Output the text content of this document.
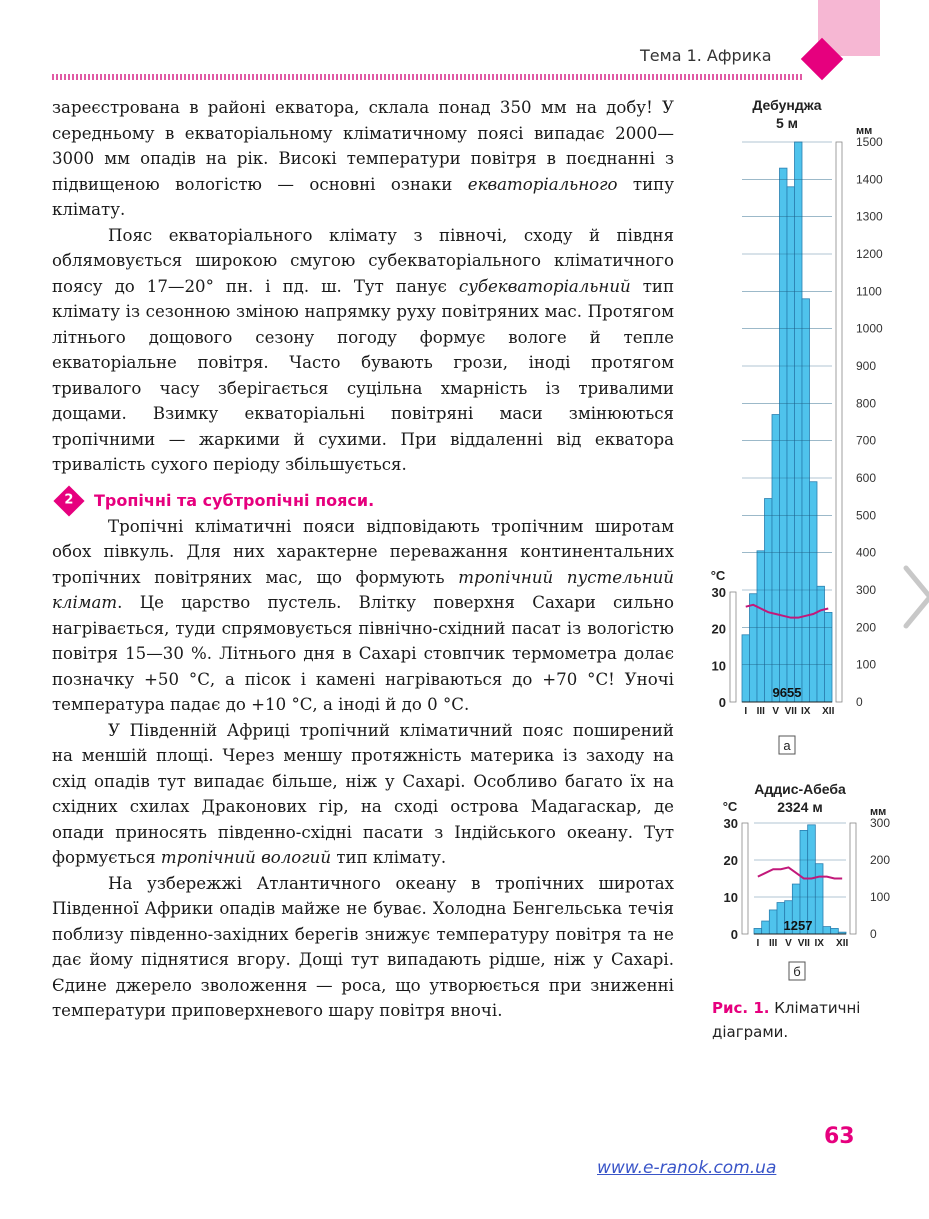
Тема 1. Африка

зареєстрована в районі екватора, склала понад 350 мм на добу! У середньому в екваторіальному кліматичному поясі випадає 2000—3000 мм опадів на рік. Високі температури повітря в поєднанні з підвищеною вологістю — основні ознаки екваторіального типу клімату.

Пояс екваторіального клімату з півночі, сходу й півдня облямовується широкою смугою субекваторіального кліматичного поясу до 17—20° пн. і пд. ш. Тут панує субекваторіальний тип клімату із сезонною зміною напрямку руху повітряних мас. Протягом літнього дощового сезону погоду формує вологе й тепле екваторіальне повітря. Часто бувають грози, іноді протягом тривалого часу зберігається суцільна хмарність із тривалими дощами. Взимку екваторіальні повітряні маси змінюються тропічними — жаркими й сухими. При віддаленні від екватора тривалість сухого періоду збільшується.

2 Тропічні та субтропічні пояси.

Тропічні кліматичні пояси відповідають тропічним широтам обох півкуль. Для них характерне переважання континентальних тропічних повітряних мас, що формують тропічний пустельний клімат. Це царство пустель. Влітку поверхня Сахари сильно нагрівається, туди спрямовується північно-східний пасат із вологістю повітря 15—30 %. Літнього дня в Сахарі стовпчик термометра долає позначку +50 °С, а пісок і камені нагріваються до +70 °С! Уночі температура падає до +10 °С, а іноді й до 0 °С.

У Південній Африці тропічний кліматичний пояс поширений на меншій площі. Через меншу протяжність материка із заходу на схід опадів тут випадає більше, ніж у Сахарі. Особливо багато їх на східних схилах Драконових гір, на сході острова Мадагаскар, де опади приносять південно-східні пасати з Індійського океану. Тут формується тропічний вологий тип клімату.

На узбережжі Атлантичного океану в тропічних широтах Південної Африки опадів майже не буває. Холодна Бенгельська течія поблизу південно-західних берегів знижує температуру повітря та не дає йому піднятися вгору. Дощі тут випадають рідше, ніж у Сахарі. Єдине джерело зволоження — роса, що утворюється при зниженні температури приповерхневого шару повітря вночі.

Дебунджа
5 м
0
100
200
300
400
500
600
700
800
900
1000
1100
1200
1300
1400
1500
мм
0
10
20
30
°С
I III V VII IX XII
9655
а
Аддис-Абеба
2324 м
0
100
200
300
мм
0
10
20
30
°С
I III V VII IX XII
1257
б
Рис. 1. Кліматичні діаграми.
63
www.e-ranok.com.ua
